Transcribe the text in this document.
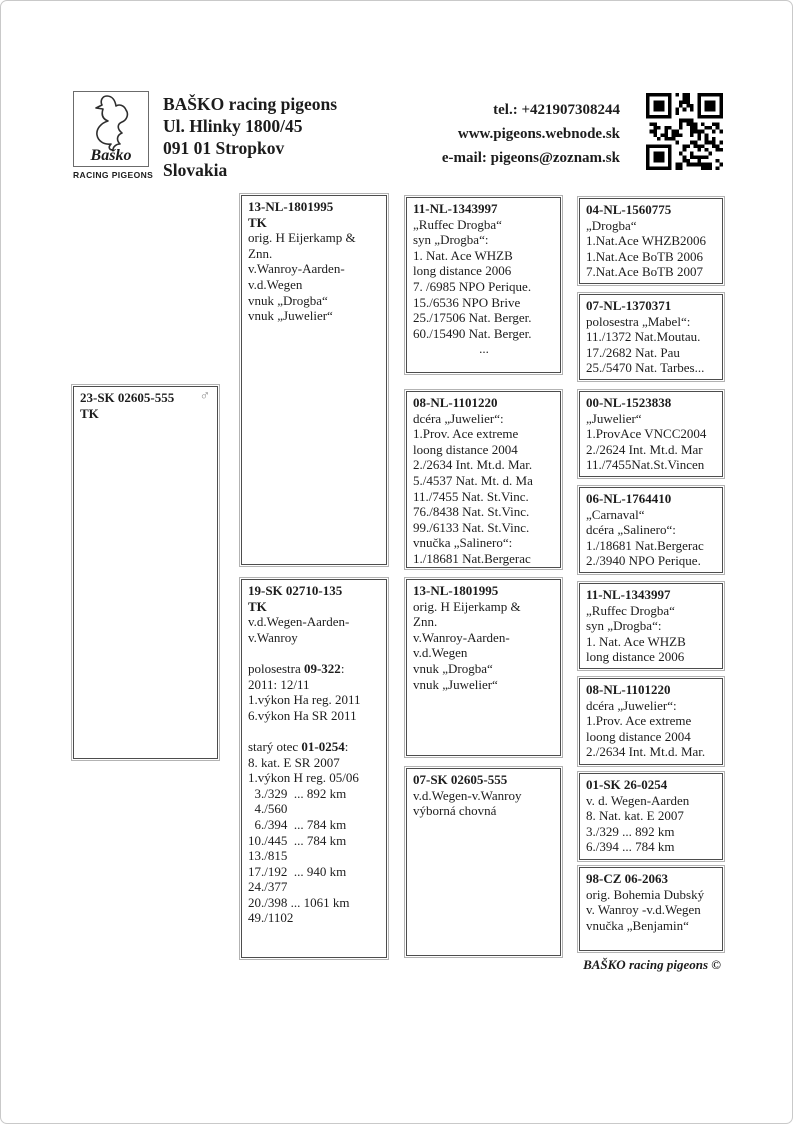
Baško
RACING PIGEONS
BAŠKO racing pigeons
Ul. Hlinky 1800/45
091 01 Stropkov
Slovakia
tel.: +421907308244
www.pigeons.webnode.sk
e-mail: pigeons@zoznam.sk
23-SK 02605-555 ♂
TK
13-NL-1801995
TK
orig. H Eijerkamp &
Znn.
v.Wanroy-Aarden-
v.d.Wegen
vnuk „Drogba“
vnuk „Juwelier“
19-SK 02710-135
TK
v.d.Wegen-Aarden-
v.Wanroy

polosestra 09-322:
2011: 12/11
1.výkon Ha reg. 2011
6.výkon Ha SR 2011

starý otec 01-0254:
8. kat. E SR 2007
1.výkon H reg. 05/06
3./329  ... 892 km
4./560
6./394  ... 784 km
10./445  ... 784 km
13./815
17./192  ... 940 km
24./377
20./398 ... 1061 km
49./1102
11-NL-1343997
„Ruffec Drogba“
syn „Drogba“:
1. Nat. Ace WHZB
long distance 2006
7. /6985 NPO Perique.
15./6536 NPO Brive
25./17506 Nat. Berger.
60./15490 Nat. Berger.
...
08-NL-1101220
dcéra „Juwelier“:
1.Prov. Ace extreme
loong distance 2004
2./2634 Int. Mt.d. Mar.
5./4537 Nat. Mt. d. Ma
11./7455 Nat. St.Vinc.
76./8438 Nat. St.Vinc.
99./6133 Nat. St.Vinc.
vnučka „Salinero“:
1./18681 Nat.Bergerac
13-NL-1801995
orig. H Eijerkamp &
Znn.
v.Wanroy-Aarden-
v.d.Wegen
vnuk „Drogba“
vnuk „Juwelier“
07-SK 02605-555
v.d.Wegen-v.Wanroy
výborná chovná
04-NL-1560775
„Drogba“
1.Nat.Ace WHZB2006
1.Nat.Ace BoTB 2006
7.Nat.Ace BoTB 2007
07-NL-1370371
polosestra „Mabel“:
11./1372 Nat.Moutau.
17./2682 Nat. Pau
25./5470 Nat. Tarbes...
00-NL-1523838
„Juwelier“
1.ProvAce VNCC2004
2./2624 Int. Mt.d. Mar
11./7455Nat.St.Vincen
06-NL-1764410
„Carnaval“
dcéra „Salinero“:
1./18681 Nat.Bergerac
2./3940 NPO Perique.
11-NL-1343997
„Ruffec Drogba“
syn „Drogba“:
1. Nat. Ace WHZB
long distance 2006
08-NL-1101220
dcéra „Juwelier“:
1.Prov. Ace extreme
loong distance 2004
2./2634 Int. Mt.d. Mar.
01-SK 26-0254
v. d. Wegen-Aarden
8. Nat. kat. E 2007
3./329 ... 892 km
6./394 ... 784 km
98-CZ 06-2063
orig. Bohemia Dubský
v. Wanroy -v.d.Wegen
vnučka „Benjamin“
BAŠKO racing pigeons ©
